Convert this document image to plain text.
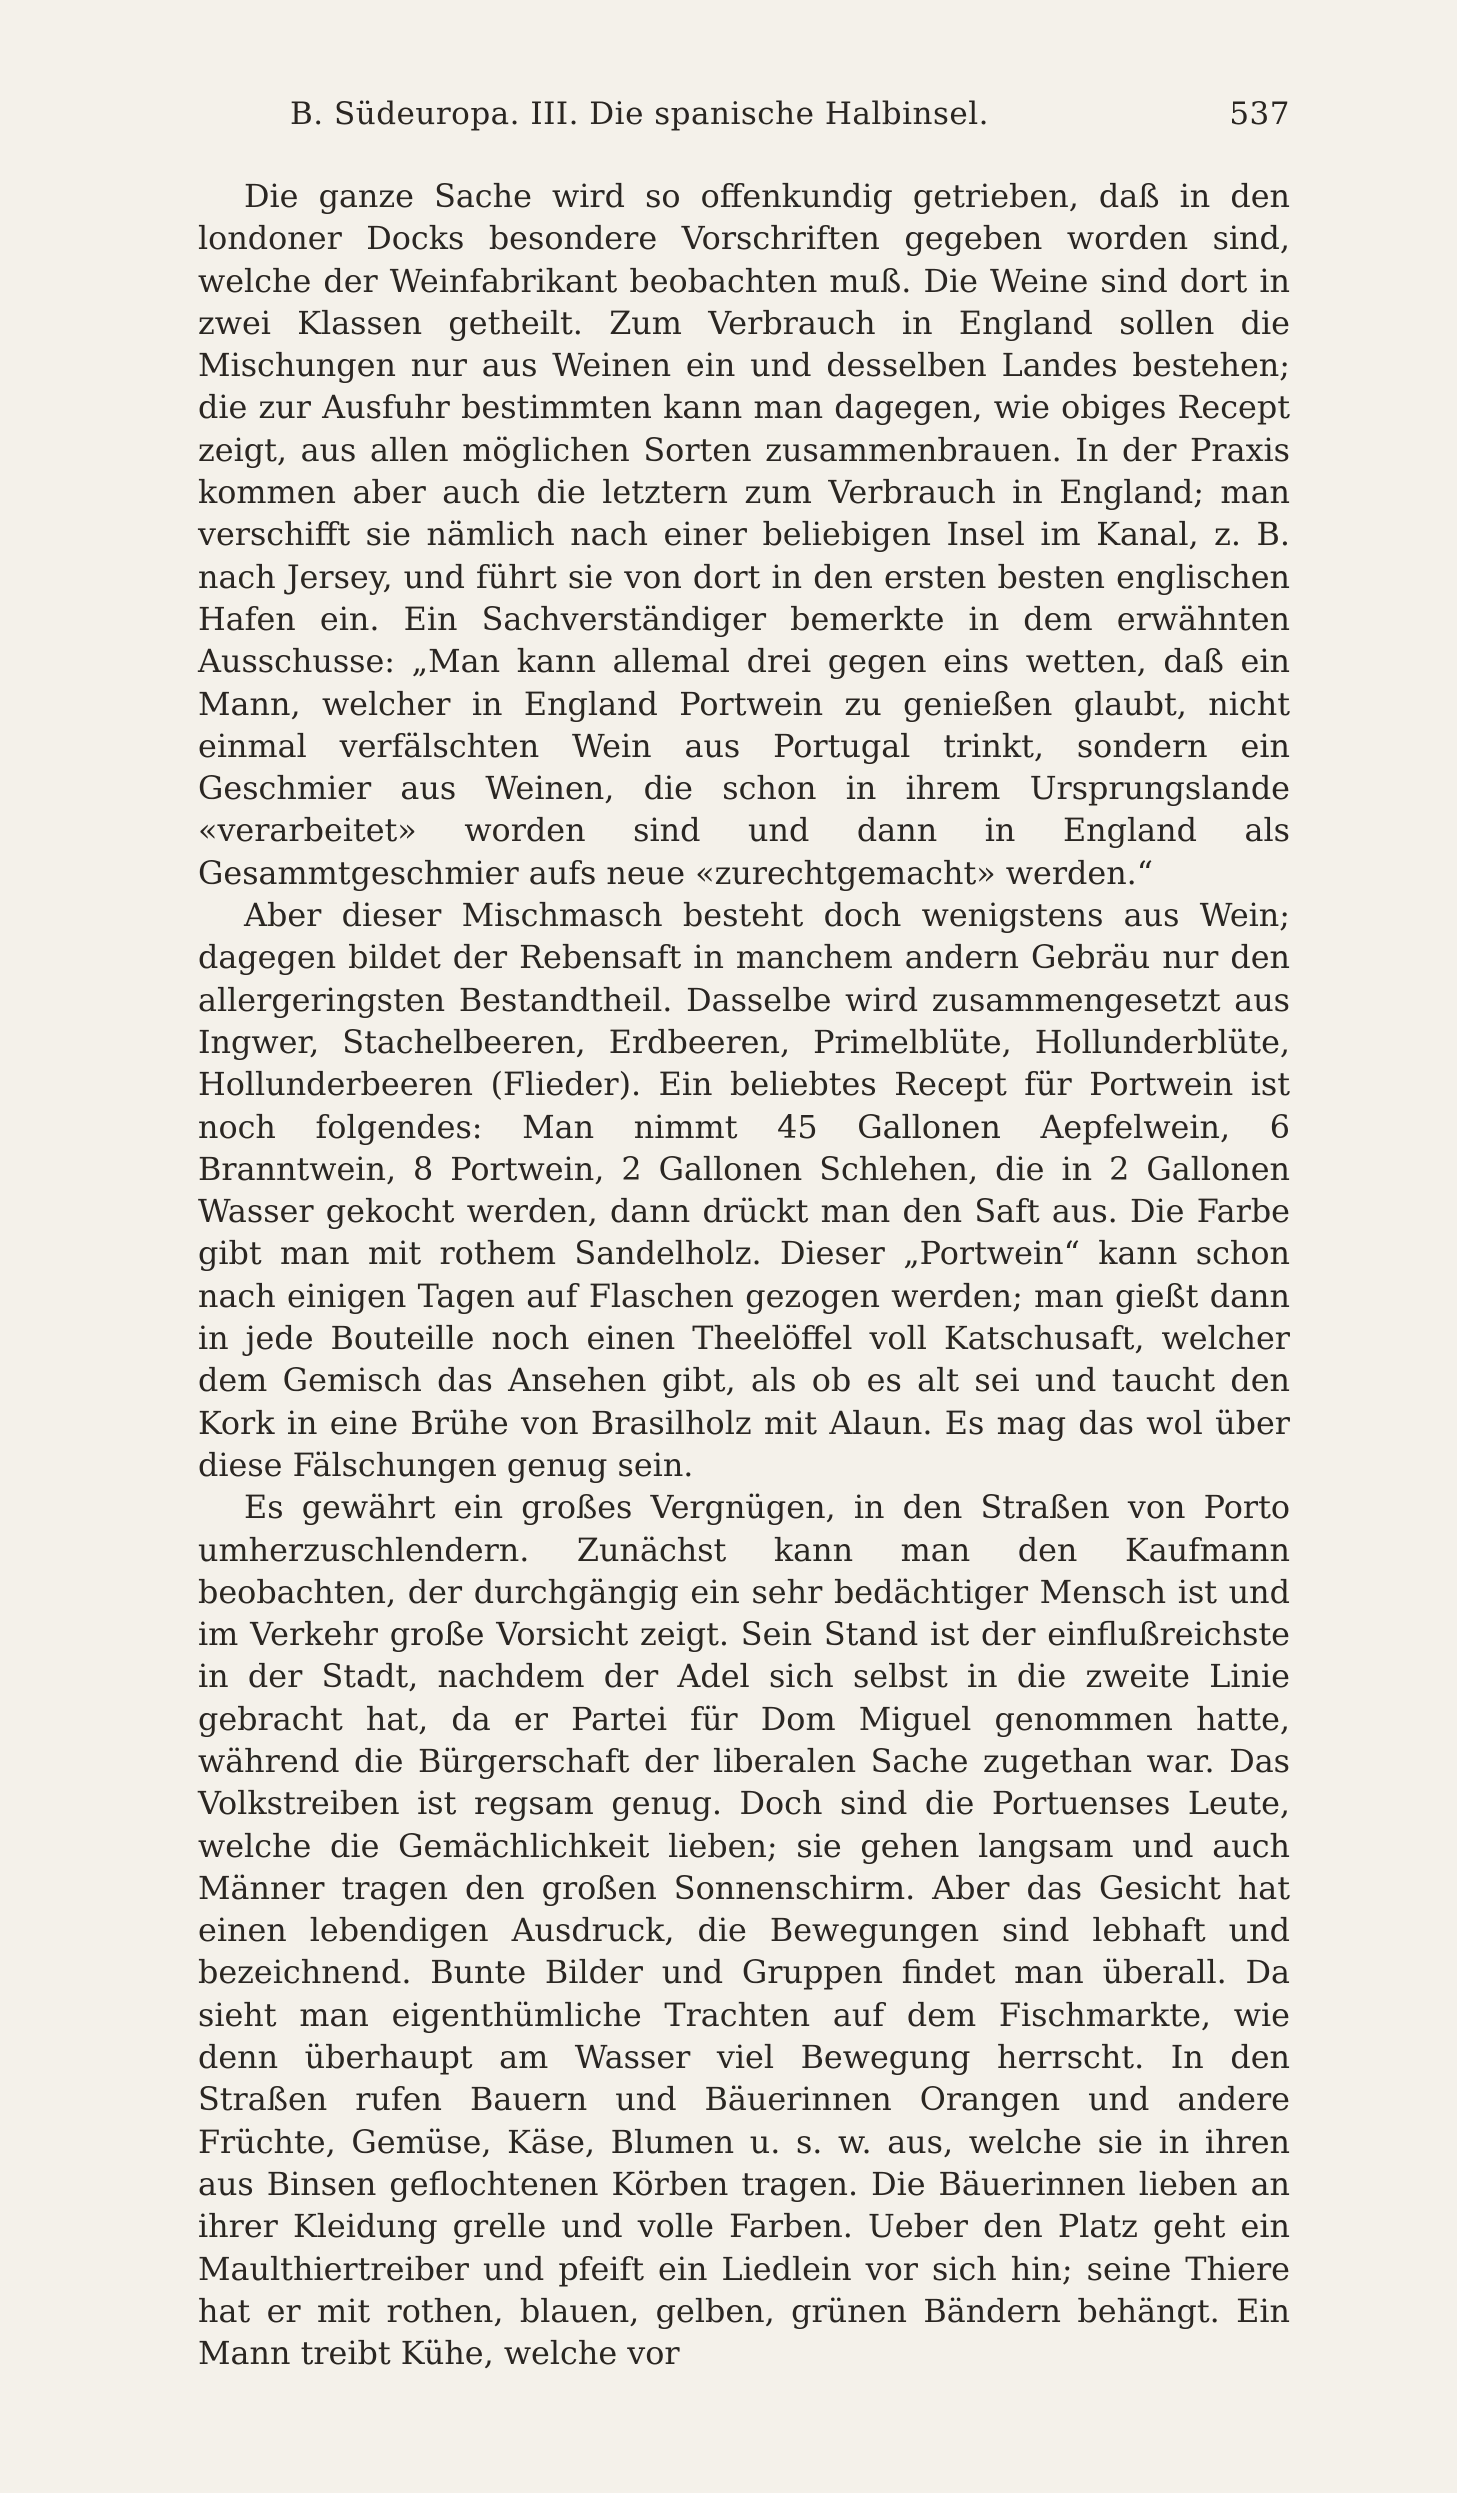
B. Südeuropa. III. Die spanische Halbinsel.	537

Die ganze Sache wird so offenkundig getrieben, daß in den londoner Docks besondere Vorschriften gegeben worden sind, welche der Weinfabrikant beobachten muß. Die Weine sind dort in zwei Klassen getheilt. Zum Verbrauch in England sollen die Mischungen nur aus Weinen ein und desselben Landes bestehen; die zur Ausfuhr bestimmten kann man dagegen, wie obiges Recept zeigt, aus allen möglichen Sorten zusammenbrauen. In der Praxis kommen aber auch die letztern zum Verbrauch in England; man verschifft sie nämlich nach einer beliebigen Insel im Kanal, z. B. nach Jersey, und führt sie von dort in den ersten besten englischen Hafen ein. Ein Sachverständiger bemerkte in dem erwähnten Ausschusse: „Man kann allemal drei gegen eins wetten, daß ein Mann, welcher in England Portwein zu genießen glaubt, nicht einmal verfälschten Wein aus Portugal trinkt, sondern ein Geschmier aus Weinen, die schon in ihrem Ursprungslande «verarbeitet» worden sind und dann in England als Gesammtgeschmier aufs neue «zurechtgemacht» werden.“

Aber dieser Mischmasch besteht doch wenigstens aus Wein; dagegen bildet der Rebensaft in manchem andern Gebräu nur den allergeringsten Bestandtheil. Dasselbe wird zusammengesetzt aus Ingwer, Stachelbeeren, Erdbeeren, Primelblüte, Hollunderblüte, Hollunderbeeren (Flieder). Ein beliebtes Recept für Portwein ist noch folgendes: Man nimmt 45 Gallonen Aepfelwein, 6 Branntwein, 8 Portwein, 2 Gallonen Schlehen, die in 2 Gallonen Wasser gekocht werden, dann drückt man den Saft aus. Die Farbe gibt man mit rothem Sandelholz. Dieser „Portwein“ kann schon nach einigen Tagen auf Flaschen gezogen werden; man gießt dann in jede Bouteille noch einen Theelöffel voll Katschusaft, welcher dem Gemisch das Ansehen gibt, als ob es alt sei und taucht den Kork in eine Brühe von Brasilholz mit Alaun. Es mag das wol über diese Fälschungen genug sein.

Es gewährt ein großes Vergnügen, in den Straßen von Porto umherzuschlendern. Zunächst kann man den Kaufmann beobachten, der durchgängig ein sehr bedächtiger Mensch ist und im Verkehr große Vorsicht zeigt. Sein Stand ist der einflußreichste in der Stadt, nachdem der Adel sich selbst in die zweite Linie gebracht hat, da er Partei für Dom Miguel genommen hatte, während die Bürgerschaft der liberalen Sache zugethan war. Das Volkstreiben ist regsam genug. Doch sind die Portuenses Leute, welche die Gemächlichkeit lieben; sie gehen langsam und auch Männer tragen den großen Sonnenschirm. Aber das Gesicht hat einen lebendigen Ausdruck, die Bewegungen sind lebhaft und bezeichnend. Bunte Bilder und Gruppen findet man überall. Da sieht man eigenthümliche Trachten auf dem Fischmarkte, wie denn überhaupt am Wasser viel Bewegung herrscht. In den Straßen rufen Bauern und Bäuerinnen Orangen und andere Früchte, Gemüse, Käse, Blumen u. s. w. aus, welche sie in ihren aus Binsen geflochtenen Körben tragen. Die Bäuerinnen lieben an ihrer Kleidung grelle und volle Farben. Ueber den Platz geht ein Maulthiertreiber und pfeift ein Liedlein vor sich hin; seine Thiere hat er mit rothen, blauen, gelben, grünen Bändern behängt. Ein Mann treibt Kühe, welche vor
